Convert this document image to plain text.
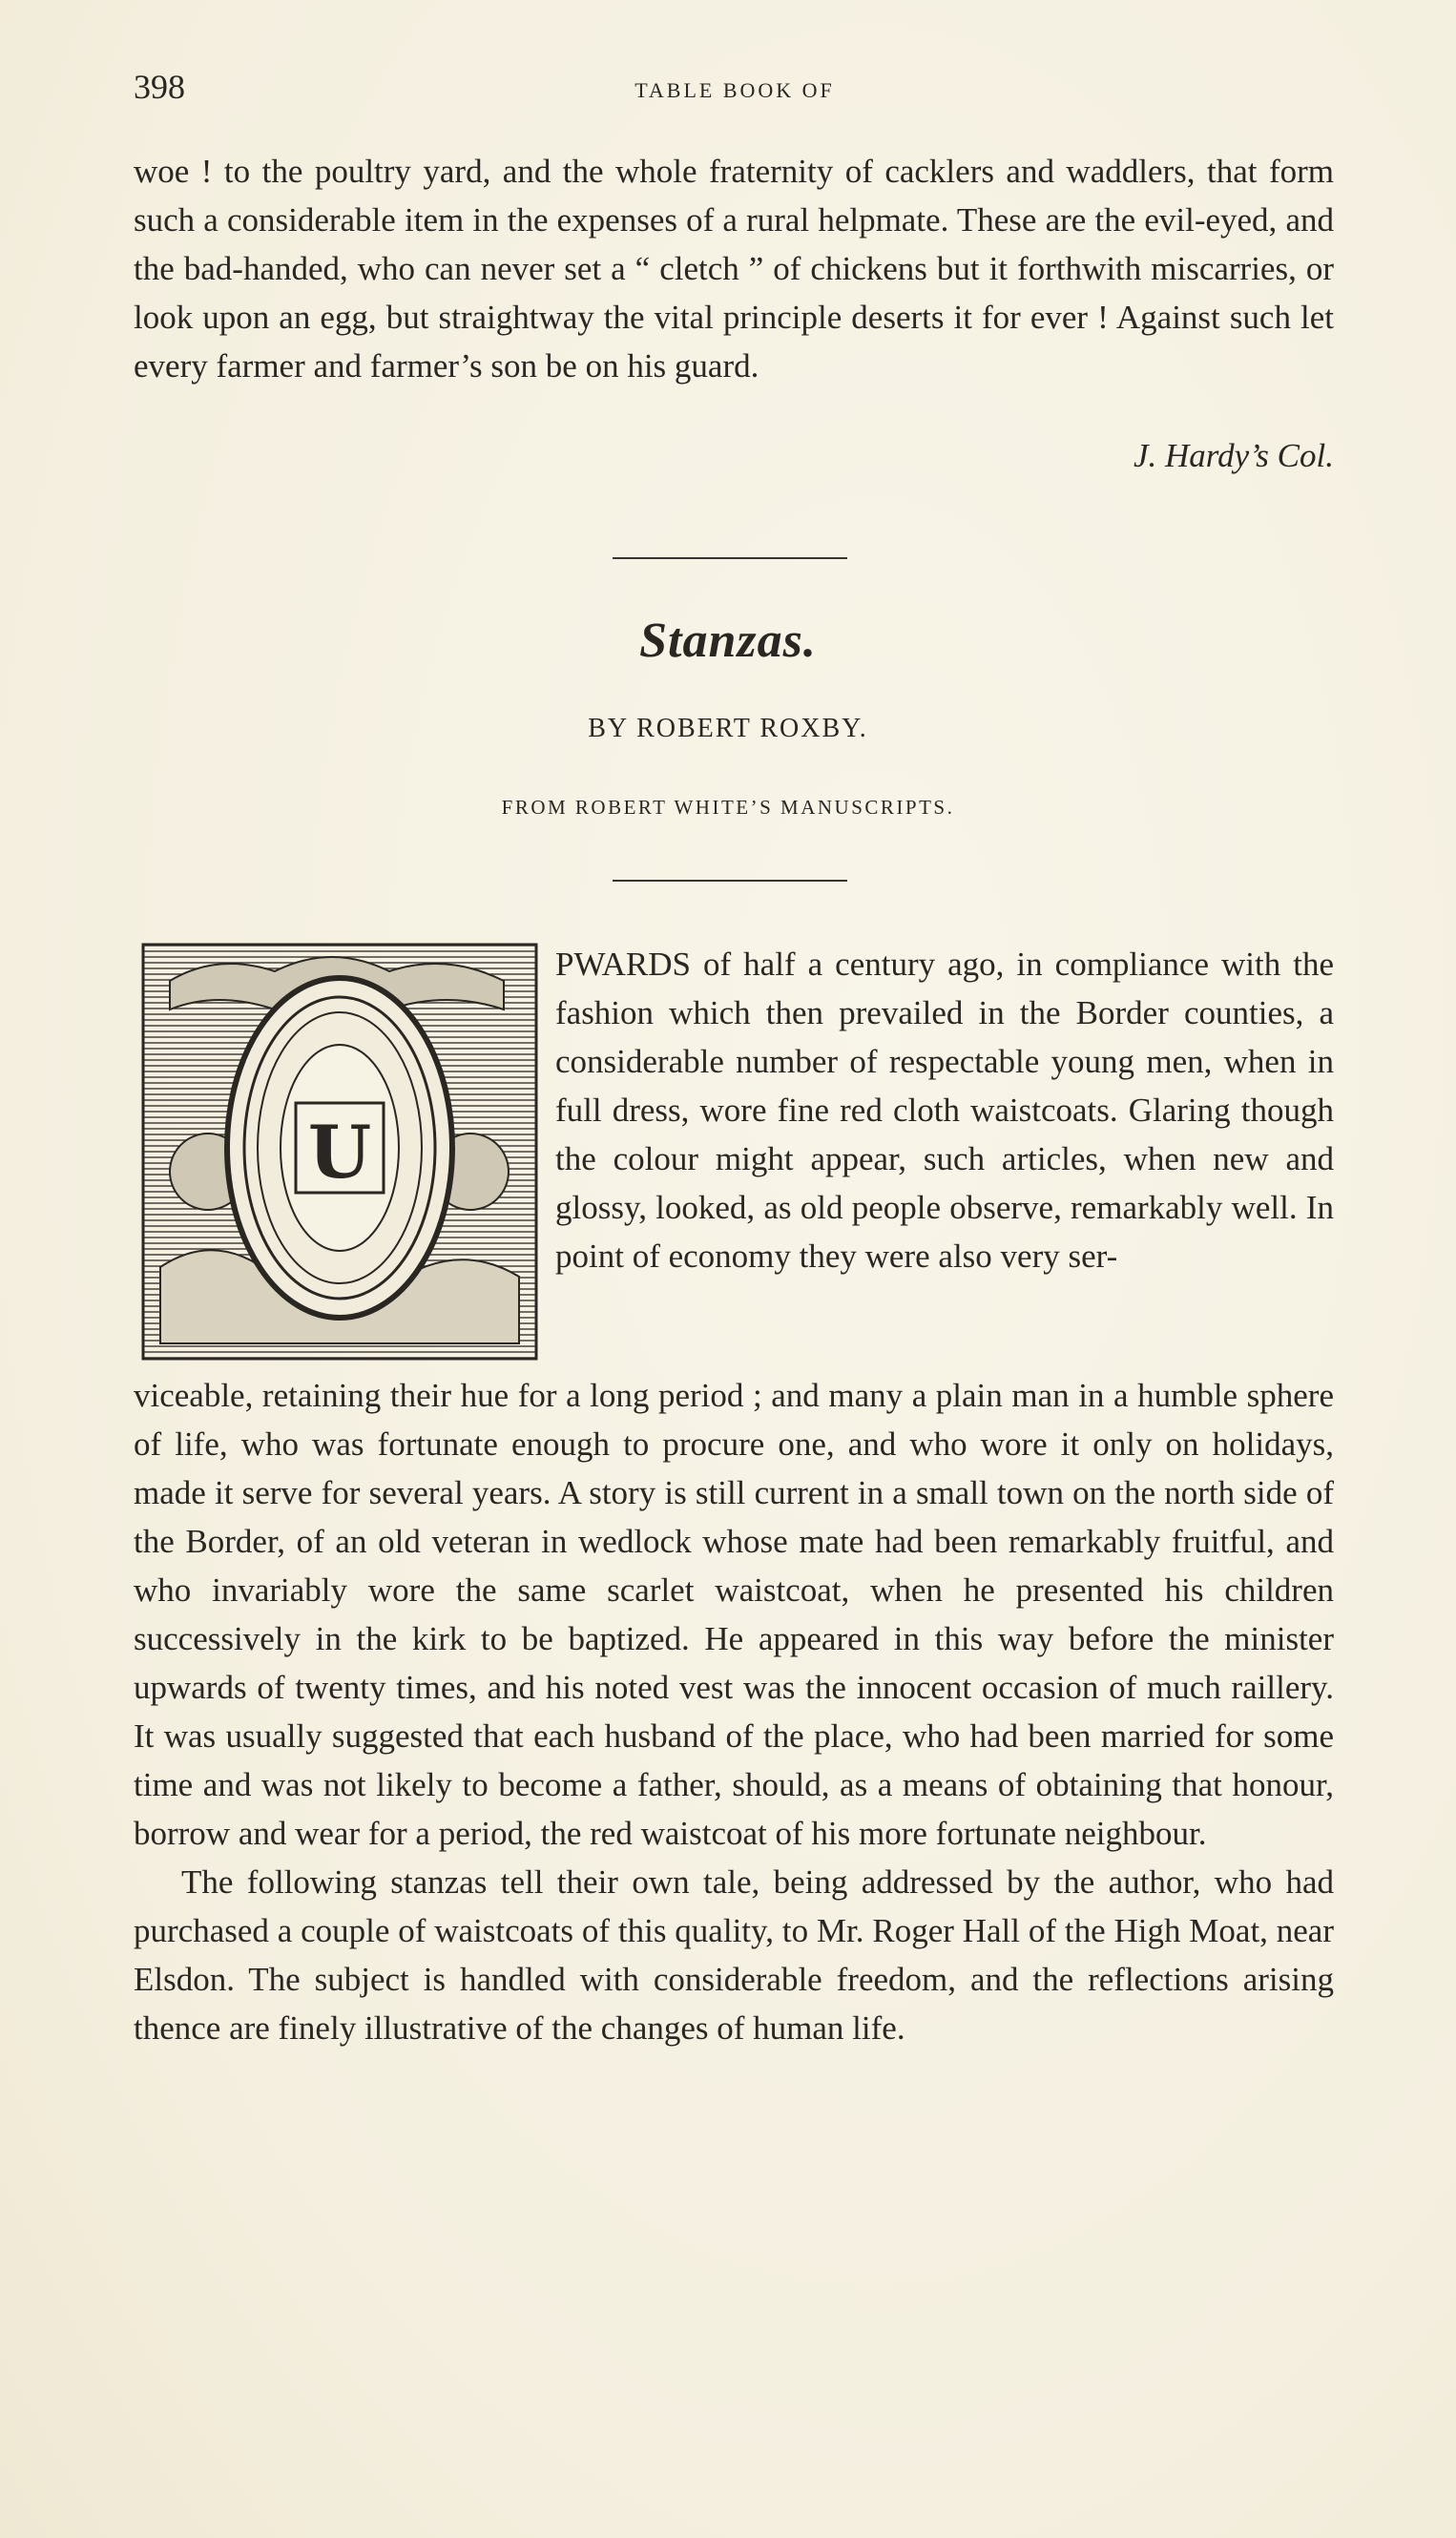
398	TABLE BOOK OF

woe ! to the poultry yard, and the whole fraternity of cacklers and waddlers, that form such a considerable item in the expenses of a rural helpmate. These are the evil-eyed, and the bad-handed, who can never set a “ cletch ” of chickens but it forthwith miscarries, or look upon an egg, but straightway the vital principle deserts it for ever ! Against such let every farmer and farmer’s son be on his guard.

J. Hardy’s Col.
Stanzas.
BY ROBERT ROXBY.
FROM ROBERT WHITE’S MANUSCRIPTS.
U

PWARDS of half a century ago, in compliance with the fashion which then prevailed in the Border counties, a considerable number of respectable young men, when in full dress, wore fine red cloth waistcoats. Glaring though the colour might appear, such articles, when new and glossy, looked, as old people observe, remarkably well. In point of economy they were also very ser-

viceable, retaining their hue for a long period ; and many a plain man in a humble sphere of life, who was fortunate enough to procure one, and who wore it only on holidays, made it serve for several years. A story is still current in a small town on the north side of the Border, of an old veteran in wedlock whose mate had been remarkably fruitful, and who invariably wore the same scarlet waistcoat, when he presented his children successively in the kirk to be baptized. He appeared in this way before the minister upwards of twenty times, and his noted vest was the innocent occasion of much raillery. It was usually suggested that each husband of the place, who had been married for some time and was not likely to become a father, should, as a means of obtaining that honour, borrow and wear for a period, the red waistcoat of his more fortunate neighbour.

The following stanzas tell their own tale, being addressed by the author, who had purchased a couple of waistcoats of this quality, to Mr. Roger Hall of the High Moat, near Elsdon. The subject is handled with considerable freedom, and the reflections arising thence are finely illustrative of the changes of human life.
